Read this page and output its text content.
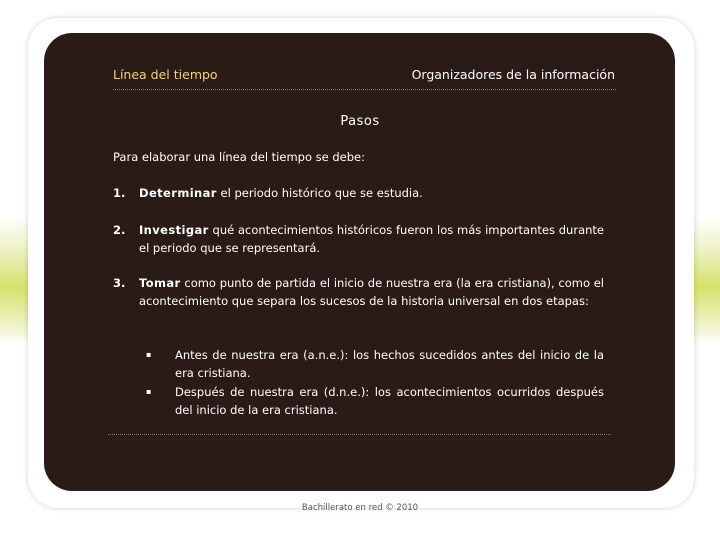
Línea del tiempo	Organizadores de la información
Pasos
Para elaborar una línea del tiempo se debe:
1. Determinar el periodo histórico que se estudia.
2. Investigar qué acontecimientos históricos fueron los más importantes durante el periodo que se representará.
3. Tomar como punto de partida el inicio de nuestra era (la era cristiana), como el acontecimiento que separa los sucesos de la historia universal en dos etapas:
▪ Antes de nuestra era (a.n.e.): los hechos sucedidos antes del inicio de la era cristiana.
▪ Después de nuestra era (d.n.e.): los acontecimientos ocurridos después del inicio de la era cristiana.
Bachillerato en red © 2010
